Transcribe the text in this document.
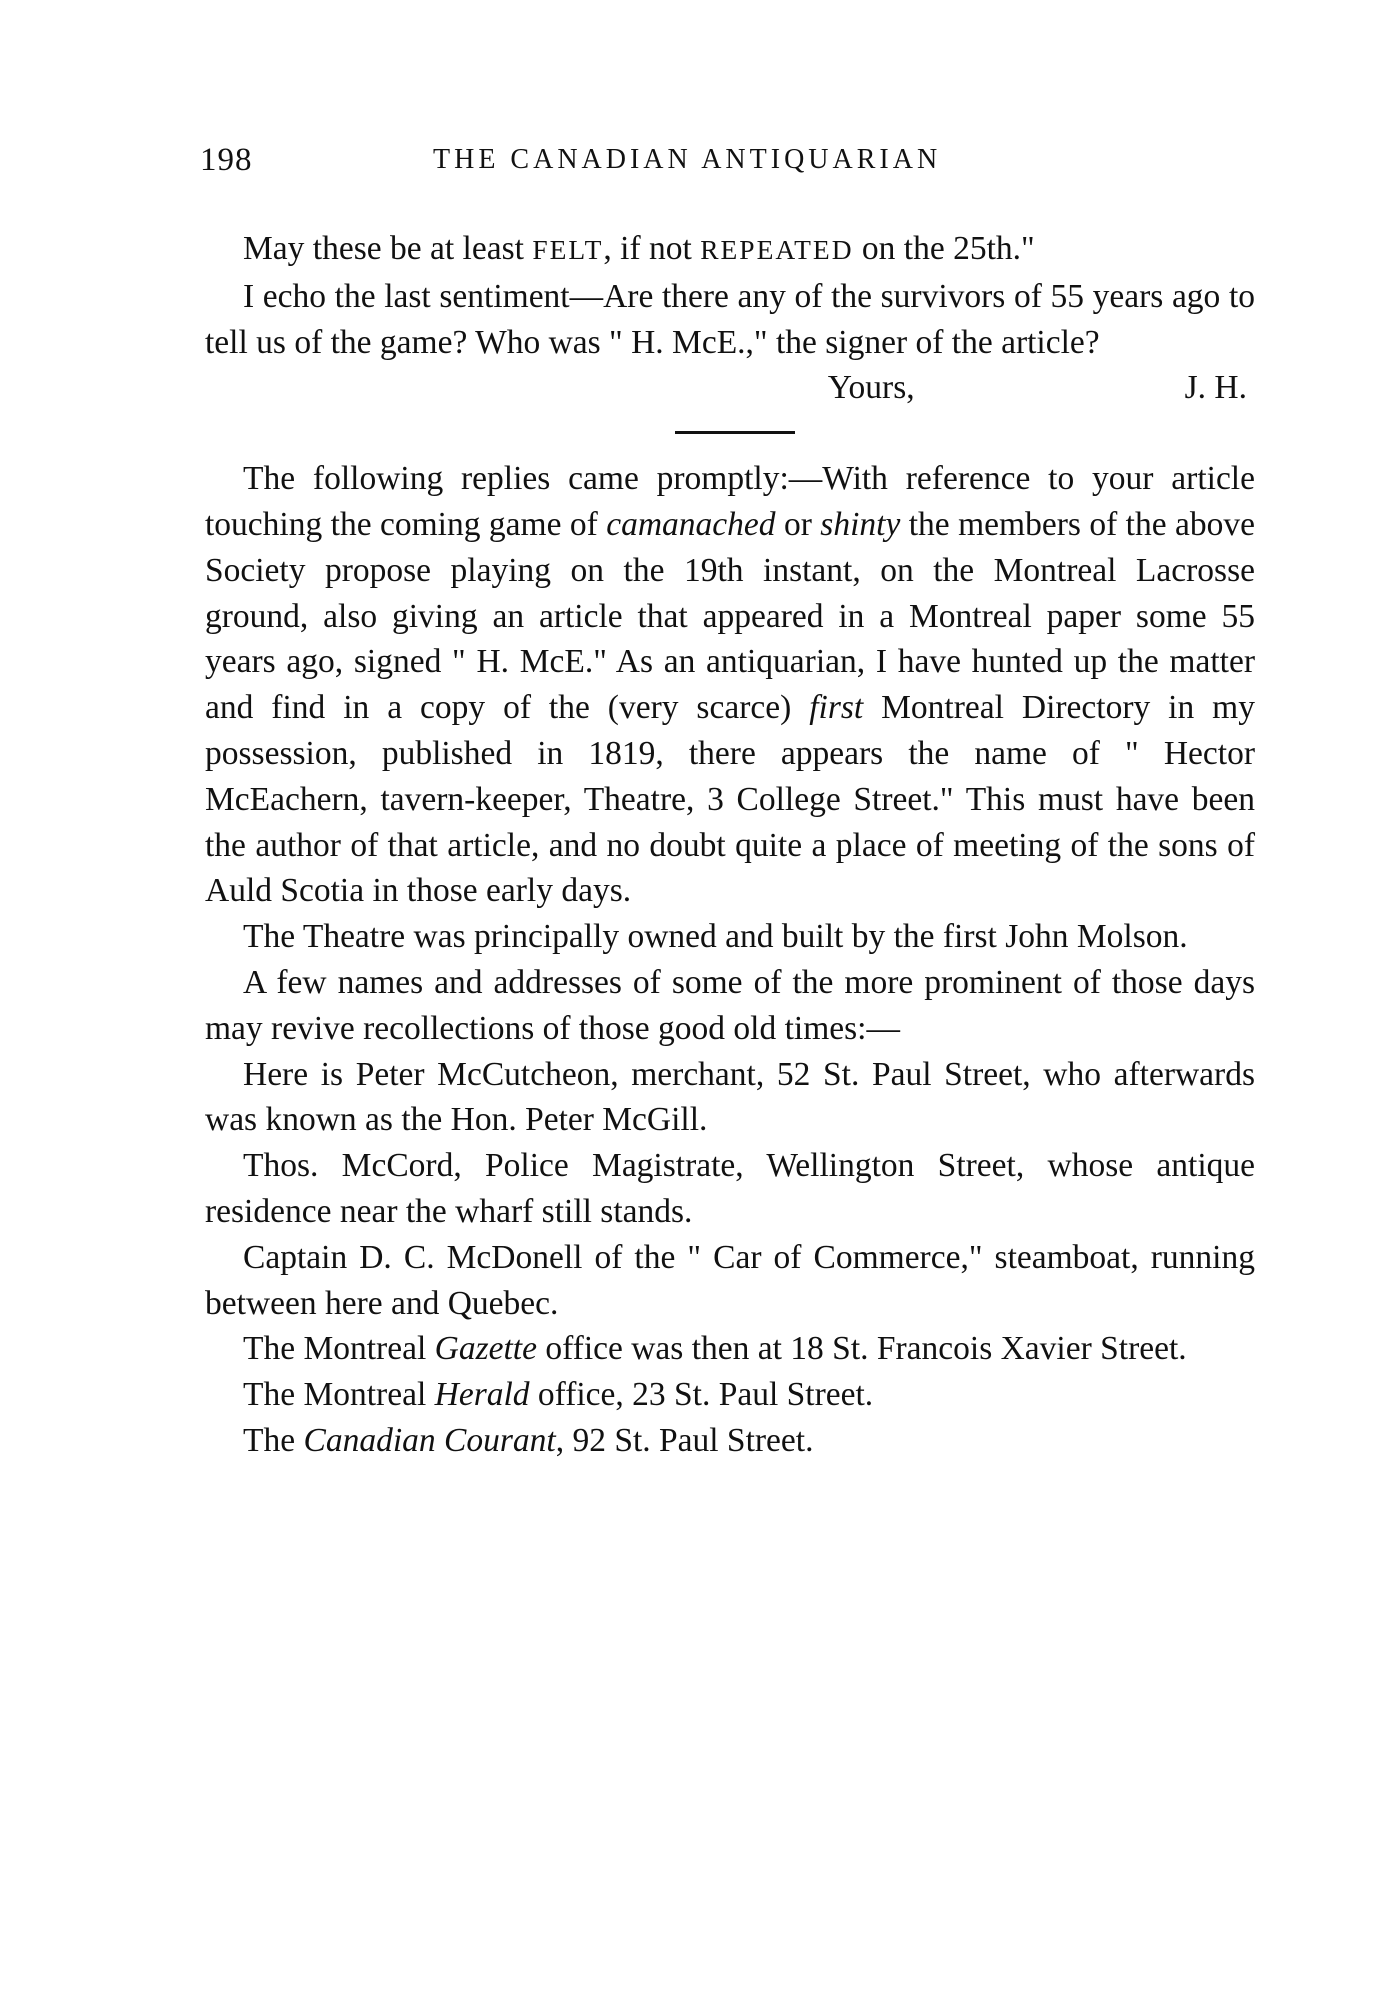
198	THE CANADIAN ANTIQUARIAN

May these be at least FELT, if not REPEATED on the 25th."

I echo the last sentiment—Are there any of the survivors of 55 years ago to tell us of the game? Who was " H. McE.," the signer of the article?

Yours,	J. H.

The following replies came promptly:—With reference to your article touching the coming game of camanached or shinty the members of the above Society propose playing on the 19th instant, on the Montreal Lacrosse ground, also giving an article that appeared in a Montreal paper some 55 years ago, signed " H. McE." As an antiquarian, I have hunted up the matter and find in a copy of the (very scarce) first Montreal Directory in my possession, published in 1819, there appears the name of " Hector McEachern, tavern-keeper, Theatre, 3 College Street." This must have been the author of that article, and no doubt quite a place of meeting of the sons of Auld Scotia in those early days.

The Theatre was principally owned and built by the first John Molson.

A few names and addresses of some of the more prominent of those days may revive recollections of those good old times:—

Here is Peter McCutcheon, merchant, 52 St. Paul Street, who afterwards was known as the Hon. Peter McGill.

Thos. McCord, Police Magistrate, Wellington Street, whose antique residence near the wharf still stands.

Captain D. C. McDonell of the " Car of Commerce," steamboat, running between here and Quebec.

The Montreal Gazette office was then at 18 St. Francois Xavier Street.

The Montreal Herald office, 23 St. Paul Street.

The Canadian Courant, 92 St. Paul Street.
